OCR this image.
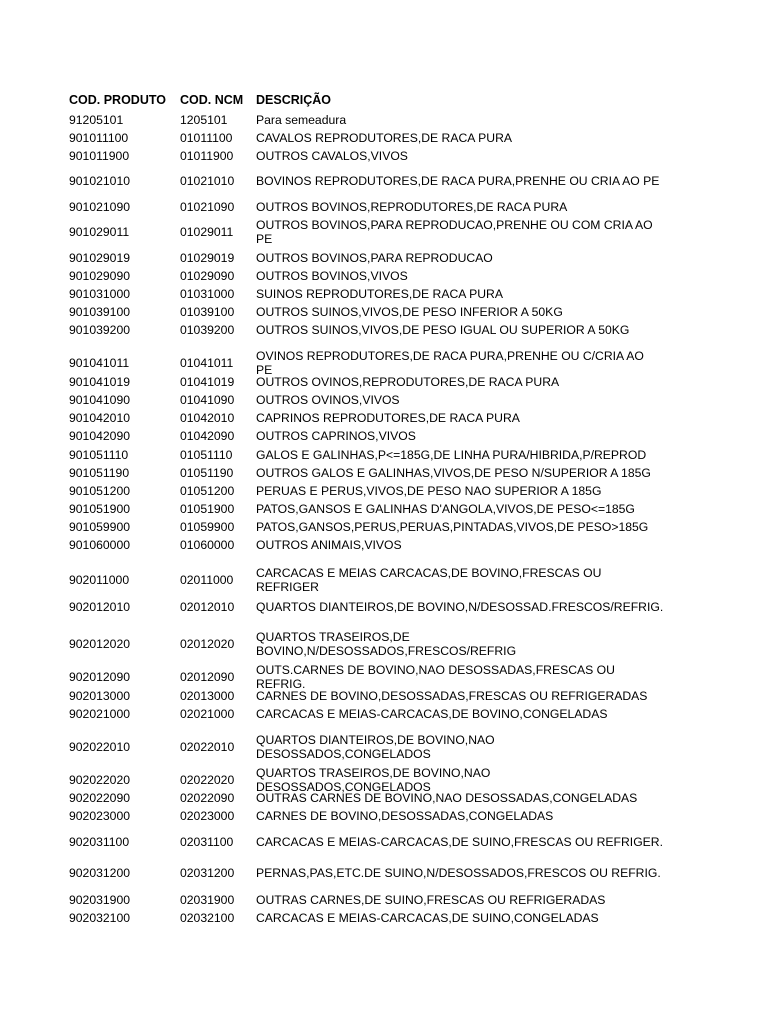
COD. PRODUTO COD. NCM DESCRIÇÃO
91205101	1205101 Para semeadura
901011100	01011100 CAVALOS REPRODUTORES,DE RACA PURA
901011900	01011900 OUTROS CAVALOS,VIVOS
901021010	01021010 BOVINOS REPRODUTORES,DE RACA PURA,PRENHE OU CRIA AO PE
901021090	01021090 OUTROS BOVINOS,REPRODUTORES,DE RACA PURA
901029011	01029011 OUTROS BOVINOS,PARA REPRODUCAO,PRENHE OU COM CRIA AO
PE
901029019	01029019 OUTROS BOVINOS,PARA REPRODUCAO
901029090	01029090 OUTROS BOVINOS,VIVOS
901031000	01031000 SUINOS REPRODUTORES,DE RACA PURA
901039100	01039100 OUTROS SUINOS,VIVOS,DE PESO INFERIOR A 50KG
901039200	01039200 OUTROS SUINOS,VIVOS,DE PESO IGUAL OU SUPERIOR A 50KG
901041011	01041011 OVINOS REPRODUTORES,DE RACA PURA,PRENHE OU C/CRIA AO
PE
901041019	01041019 OUTROS OVINOS,REPRODUTORES,DE RACA PURA
901041090	01041090 OUTROS OVINOS,VIVOS
901042010	01042010 CAPRINOS REPRODUTORES,DE RACA PURA
901042090	01042090 OUTROS CAPRINOS,VIVOS
901051110	01051110 GALOS E GALINHAS,P<=185G,DE LINHA PURA/HIBRIDA,P/REPROD
901051190	01051190 OUTROS GALOS E GALINHAS,VIVOS,DE PESO N/SUPERIOR A 185G
901051200	01051200 PERUAS E PERUS,VIVOS,DE PESO NAO SUPERIOR A 185G
901051900	01051900 PATOS,GANSOS E GALINHAS D'ANGOLA,VIVOS,DE PESO<=185G
901059900	01059900 PATOS,GANSOS,PERUS,PERUAS,PINTADAS,VIVOS,DE PESO>185G
901060000	01060000 OUTROS ANIMAIS,VIVOS
902011000	02011000 CARCACAS E MEIAS CARCACAS,DE BOVINO,FRESCAS OU
REFRIGER
902012010	02012010 QUARTOS DIANTEIROS,DE BOVINO,N/DESOSSAD.FRESCOS/REFRIG.
902012020	02012020 QUARTOS TRASEIROS,DE
BOVINO,N/DESOSSADOS,FRESCOS/REFRIG
902012090	02012090 OUTS.CARNES DE BOVINO,NAO DESOSSADAS,FRESCAS OU
REFRIG.
902013000	02013000 CARNES DE BOVINO,DESOSSADAS,FRESCAS OU REFRIGERADAS
902021000	02021000 CARCACAS E MEIAS-CARCACAS,DE BOVINO,CONGELADAS
902022010	02022010 QUARTOS DIANTEIROS,DE BOVINO,NAO
DESOSSADOS,CONGELADOS
902022020	02022020 QUARTOS TRASEIROS,DE BOVINO,NAO
DESOSSADOS,CONGELADOS
902022090	02022090 OUTRAS CARNES DE BOVINO,NAO DESOSSADAS,CONGELADAS
902023000	02023000 CARNES DE BOVINO,DESOSSADAS,CONGELADAS
902031100	02031100 CARCACAS E MEIAS-CARCACAS,DE SUINO,FRESCAS OU REFRIGER.
902031200	02031200 PERNAS,PAS,ETC.DE SUINO,N/DESOSSADOS,FRESCOS OU REFRIG.
902031900	02031900 OUTRAS CARNES,DE SUINO,FRESCAS OU REFRIGERADAS
902032100	02032100 CARCACAS E MEIAS-CARCACAS,DE SUINO,CONGELADAS
